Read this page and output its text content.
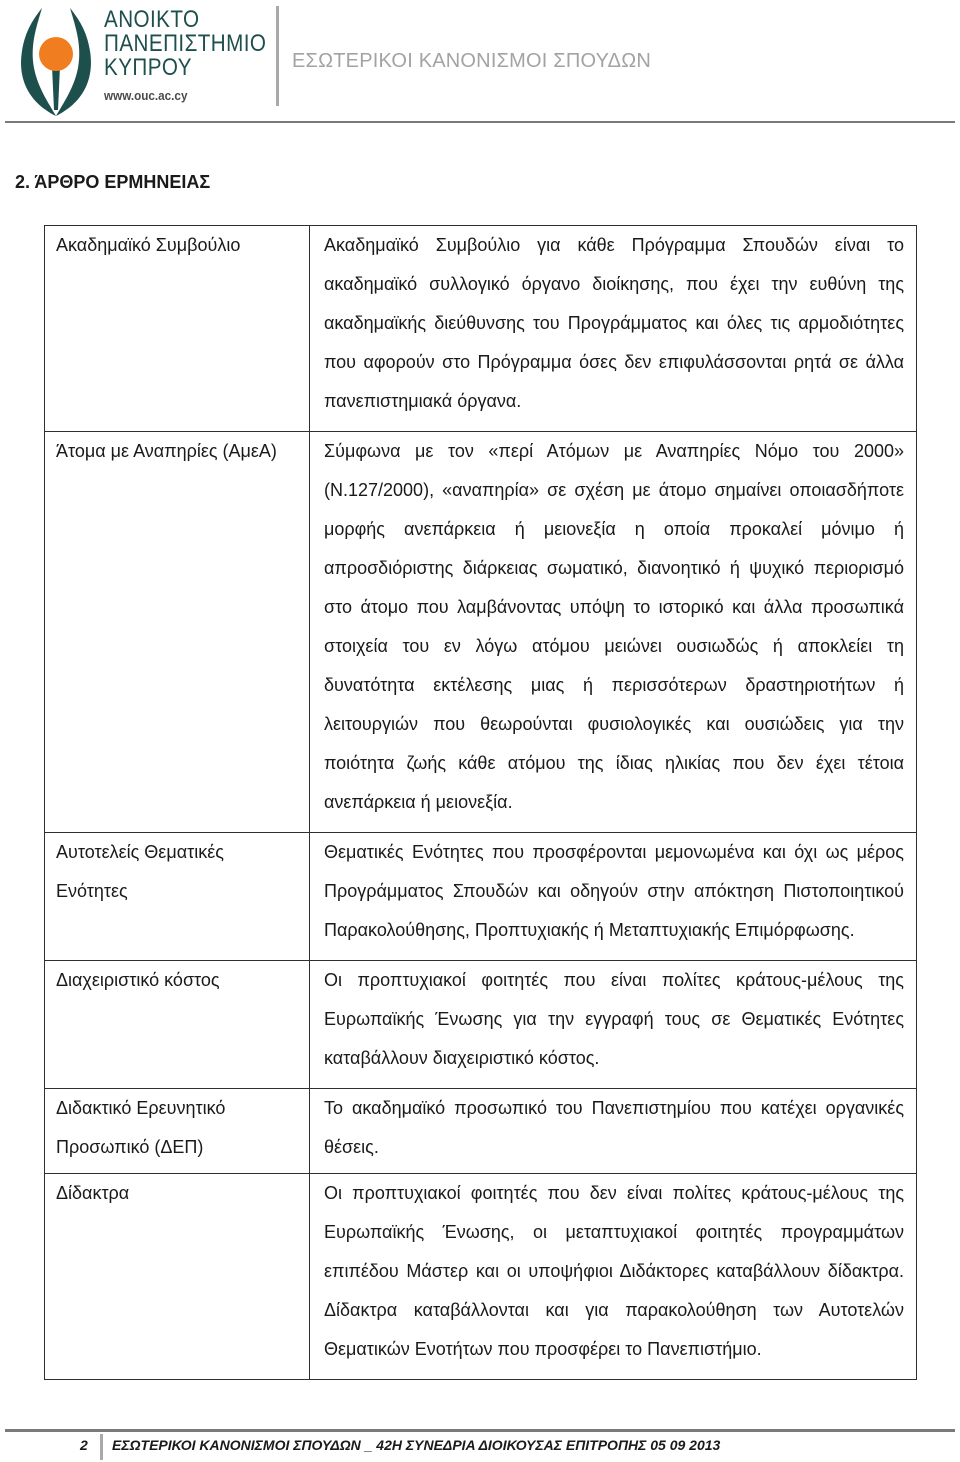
ΑΝΟΙΚΤΟ
ΠΑΝΕΠΙΣΤΗΜΙΟ
ΚΥΠΡΟΥ
www.ouc.ac.cy
ΕΣΩΤΕΡΙΚΟΙ ΚΑΝΟΝΙΣΜΟΙ ΣΠΟΥΔΩΝ
2. ΆΡΘΡΟ ΕΡΜΗΝΕΙΑΣ
Ακαδημαϊκό Συμβούλιο	Ακαδημαϊκό Συμβούλιο για κάθε Πρόγραμμα Σπουδών είναι το ακαδημαϊκό συλλογικό όργανο διοίκησης, που έχει την ευθύνη της ακαδημαϊκής διεύθυνσης του Προγράμματος και όλες τις αρμοδιότητες που αφορούν στο Πρόγραμμα όσες δεν επιφυλάσσονται ρητά σε άλλα πανεπιστημιακά όργανα.
Άτομα με Αναπηρίες (ΑμεΑ)	Σύμφωνα με τον «περί Ατόμων με Αναπηρίες Νόμο του 2000» (Ν.127/2000), «αναπηρία» σε σχέση με άτομο σημαίνει οποιασδήποτε μορφής ανεπάρκεια ή μειονεξία η οποία προκαλεί μόνιμο ή απροσδιόριστης διάρκειας σωματικό, διανοητικό ή ψυχικό περιορισμό στο άτομο που λαμβάνοντας υπόψη το ιστορικό και άλλα προσωπικά στοιχεία του εν λόγω ατόμου μειώνει ουσιωδώς ή αποκλείει τη δυνατότητα εκτέλεσης μιας ή περισσότερων δραστηριοτήτων ή λειτουργιών που θεωρούνται φυσιολογικές και ουσιώδεις για την ποιότητα ζωής κάθε ατόμου της ίδιας ηλικίας που δεν έχει τέτοια ανεπάρκεια ή μειονεξία.
Αυτοτελείς Θεματικές Ενότητες	Θεματικές Ενότητες που προσφέρονται μεμονωμένα και όχι ως μέρος Προγράμματος Σπουδών και οδηγούν στην απόκτηση Πιστοποιητικού Παρακολούθησης, Προπτυχιακής ή Μεταπτυχιακής Επιμόρφωσης.
Διαχειριστικό κόστος	Οι προπτυχιακοί φοιτητές που είναι πολίτες κράτους-μέλους της Ευρωπαϊκής Ένωσης για την εγγραφή τους σε Θεματικές Ενότητες καταβάλλουν διαχειριστικό κόστος.
Διδακτικό Ερευνητικό Προσωπικό (ΔΕΠ)	Το ακαδημαϊκό προσωπικό του Πανεπιστημίου που κατέχει οργανικές θέσεις.
Δίδακτρα	Οι προπτυχιακοί φοιτητές που δεν είναι πολίτες κράτους-μέλους της Ευρωπαϊκής Ένωσης, οι μεταπτυχιακοί φοιτητές προγραμμάτων επιπέδου Μάστερ και οι υποψήφιοι Διδάκτορες καταβάλλουν δίδακτρα. Δίδακτρα καταβάλλονται και για παρακολούθηση των Αυτοτελών Θεματικών Ενοτήτων που προσφέρει το Πανεπιστήμιο.
2 ΕΣΩΤΕΡΙΚΟΙ ΚΑΝΟΝΙΣΜΟΙ ΣΠΟΥΔΩΝ _ 42Η ΣΥΝΕΔΡΙΑ ΔΙΟΙΚΟΥΣΑΣ ΕΠΙΤΡΟΠΗΣ 05 09 2013
